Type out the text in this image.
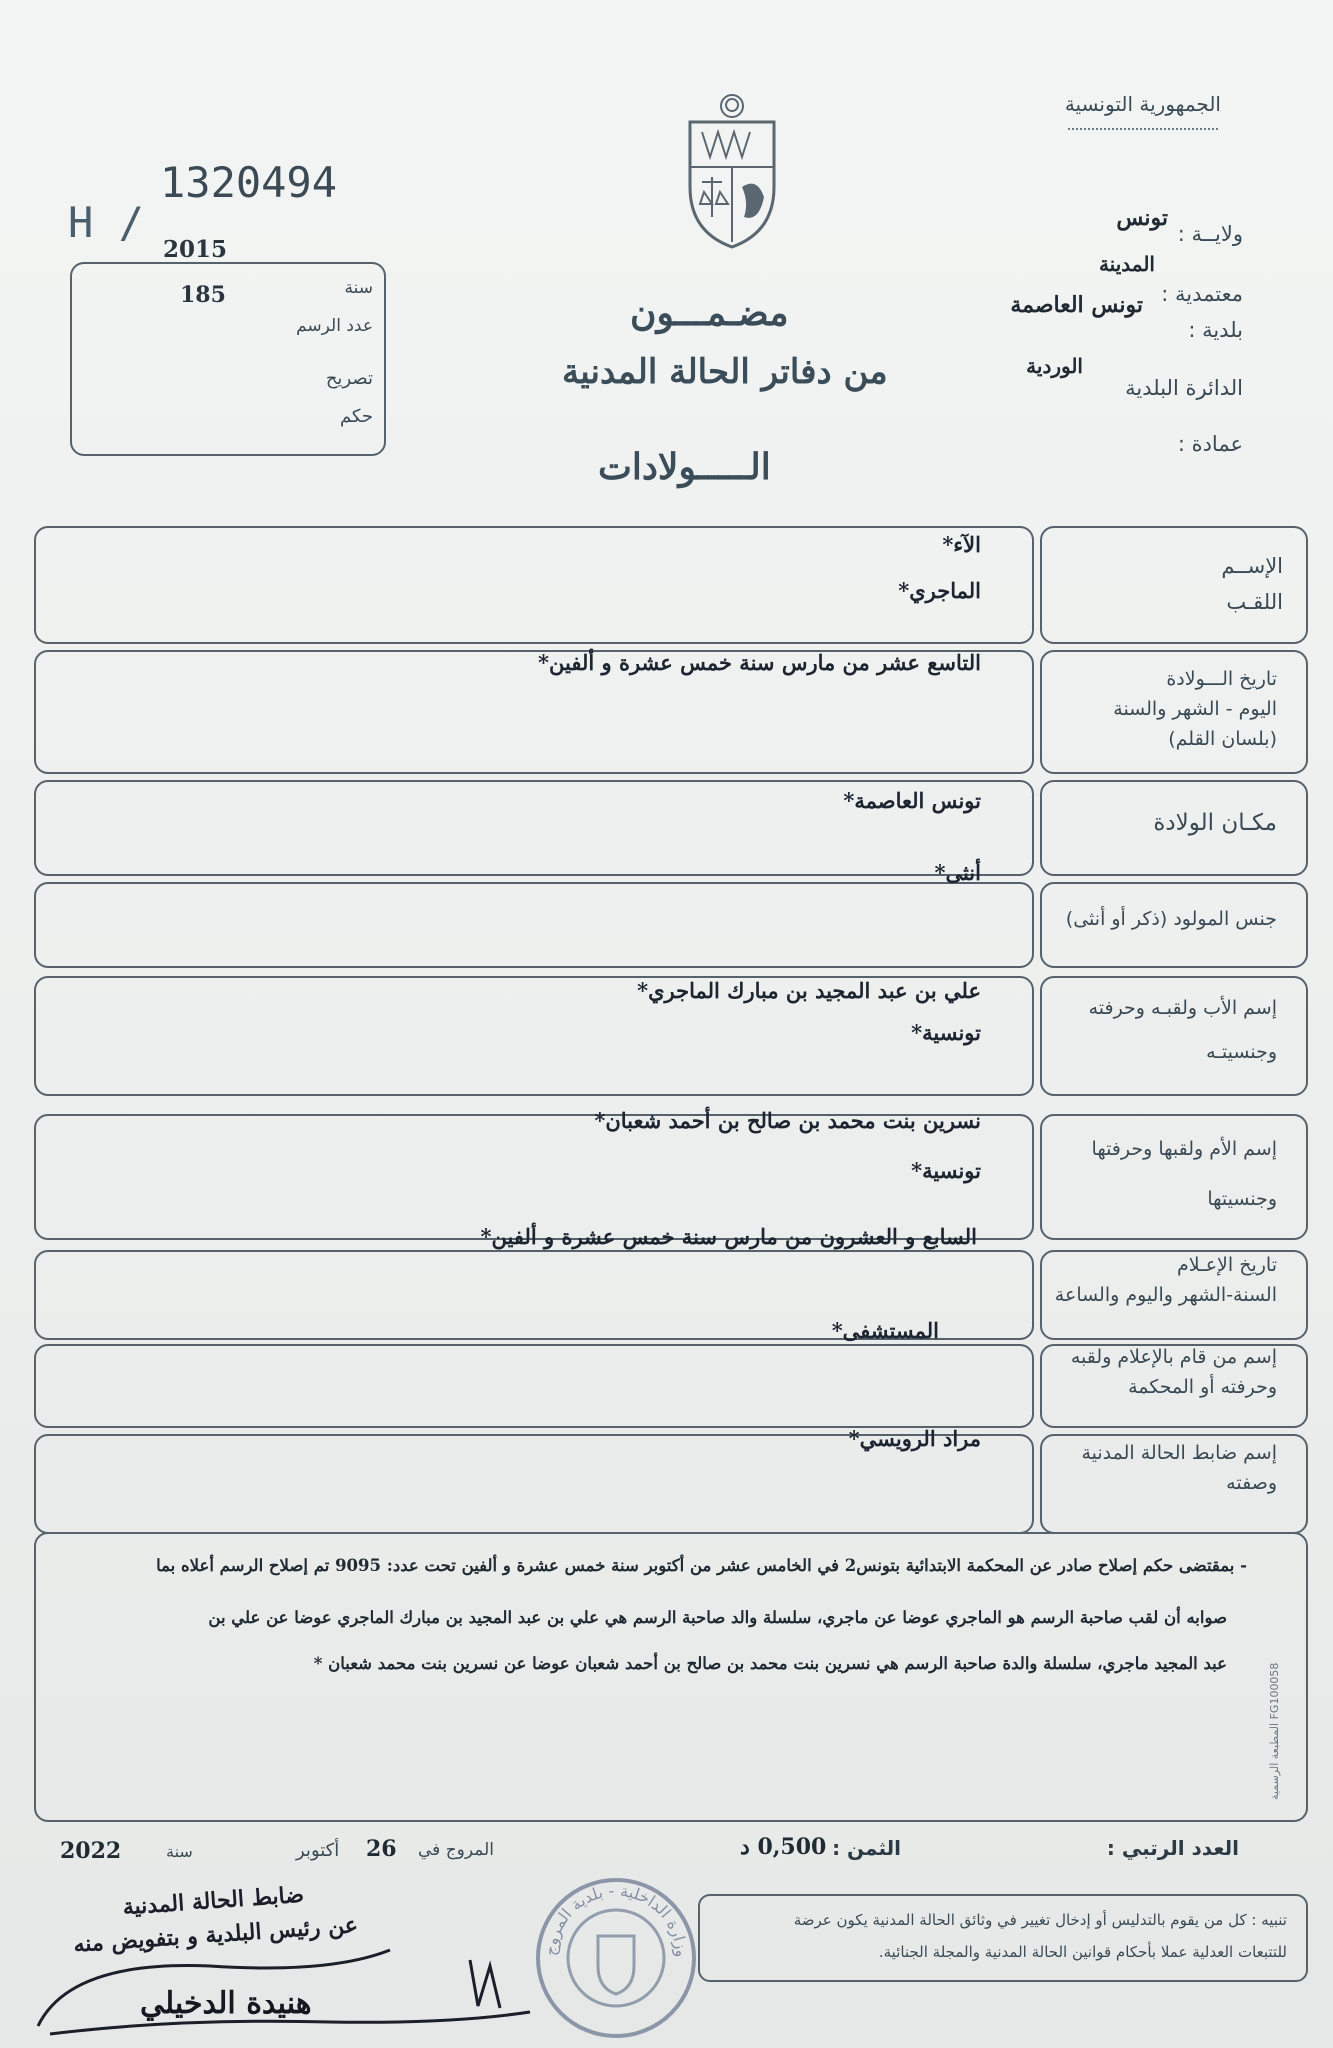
الجمهورية التونسية
ولايــة :
تونس
المدينة
معتمدية :
تونس العاصمة
بلدية :
الوردية
الدائرة البلدية
عمادة :
مضـمـــون
من دفاتر الحالة المدنية
الـــــولادات
H /
1320494
2015
185	سنة
عدد الرسم
تصريح
حكم
الإســم
اللقـب
الآء*
الماجري*
تاريخ الـــولادة
اليوم - الشهر والسنة
(بلسان القلم)
التاسع عشر من مارس سنة خمس عشرة و ألفين*
مكـان الولادة
تونس العاصمة*
جنس المولود (ذكر أو أنثى)
أنثى*
إسم الأب ولقبـه وحرفته
وجنسيتـه
علي بن عبد المجيد بن مبارك الماجري*
تونسية*
إسم الأم ولقبها وحرفتها
وجنسيتها
نسرين بنت محمد بن صالح بن أحمد شعبان*
تونسية*
تاريخ الإعـلام
السنة-الشهر واليوم والساعة
السابع و العشرون من مارس سنة خمس عشرة و ألفين*
إسم من قام بالإعلام ولقبه
وحرفته أو المحكمة
المستشفى*
إسم ضابط الحالة المدنية
وصفته
مراد الرويسي*
- بمقتضى حكم إصلاح صادر عن المحكمة الابتدائية بتونس2 في الخامس عشر من أكتوبر سنة خمس عشرة و ألفين تحت عدد: 9095 تم إصلاح الرسم أعلاه بما
صوابه أن لقب صاحبة الرسم هو الماجري عوضا عن ماجري، سلسلة والد صاحبة الرسم هي علي بن عبد المجيد بن مبارك الماجري عوضا عن علي بن
عبد المجيد ماجري، سلسلة والدة صاحبة الرسم هي نسرين بنت محمد بن صالح بن أحمد شعبان عوضا عن نسرين بنت محمد شعبان *
المطبعة الرسمية FG100058
العدد الرتبي :
الثمن :
0,500 د
المروج في
26
أكتوبر
سنة
2022
تنبيه : كل من يقوم بالتدليس أو إدخال تغيير في وثائق الحالة المدنية يكون عرضة
للتتبعات العدلية عملا بأحكام قوانين الحالة المدنية والمجلة الجنائية.
وزارة الداخلية - بلدية المروج
ضابط الحالة المدنية
عن رئيس البلدية و بتفويض منه
هنيدة الدخيلي
